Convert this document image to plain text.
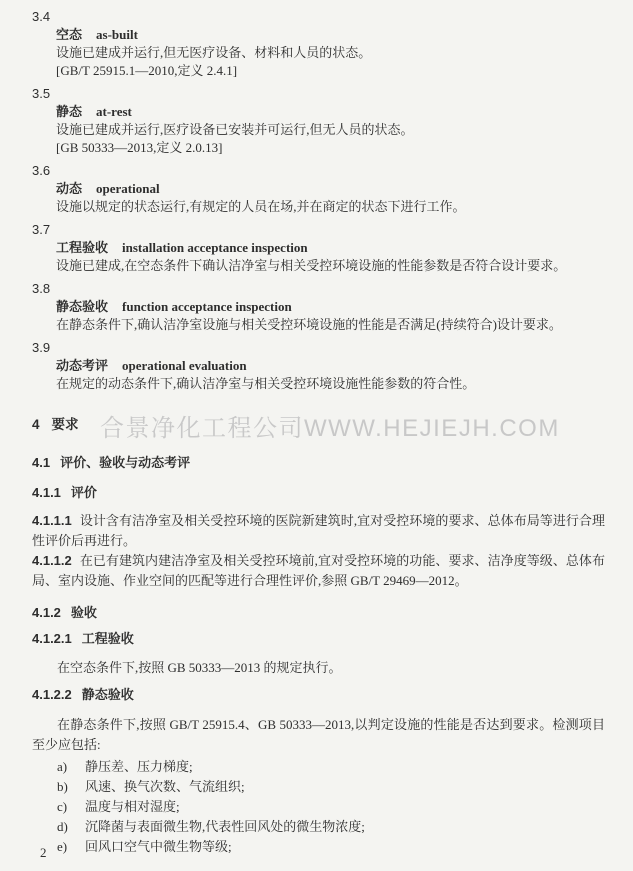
3.4
空态 as-built
设施已建成并运行,但无医疗设备、材料和人员的状态。
[GB/T 25915.1—2010,定义 2.4.1]
3.5
静态 at-rest
设施已建成并运行,医疗设备已安装并可运行,但无人员的状态。
[GB 50333—2013,定义 2.0.13]
3.6
动态 operational
设施以规定的状态运行,有规定的人员在场,并在商定的状态下进行工作。
3.7
工程验收 installation acceptance inspection
设施已建成,在空态条件下确认洁净室与相关受控环境设施的性能参数是否符合设计要求。
3.8
静态验收 function acceptance inspection
在静态条件下,确认洁净室设施与相关受控环境设施的性能是否满足(持续符合)设计要求。
3.9
动态考评 operational evaluation
在规定的动态条件下,确认洁净室与相关受控环境设施性能参数的符合性。
4 要求
4.1 评价、验收与动态考评
4.1.1 评价

4.1.1.1 设计含有洁净室及相关受控环境的医院新建筑时,宜对受控环境的要求、总体布局等进行合理性评价后再进行。

4.1.1.2 在已有建筑内建洁净室及相关受控环境前,宜对受控环境的功能、要求、洁净度等级、总体布局、室内设施、作业空间的匹配等进行合理性评价,参照 GB/T 29469—2012。

4.1.2 验收
4.1.2.1 工程验收

在空态条件下,按照 GB 50333—2013 的规定执行。

4.1.2.2 静态验收

在静态条件下,按照 GB/T 25915.4、GB 50333—2013,以判定设施的性能是否达到要求。检测项目至少应包括:

a) 静压差、压力梯度;
b) 风速、换气次数、气流组织;
c) 温度与相对湿度;
d) 沉降菌与表面微生物,代表性回风处的微生物浓度;
e) 回风口空气中微生物等级;
合景净化工程公司WWW.HEJIEJH.COM
2
